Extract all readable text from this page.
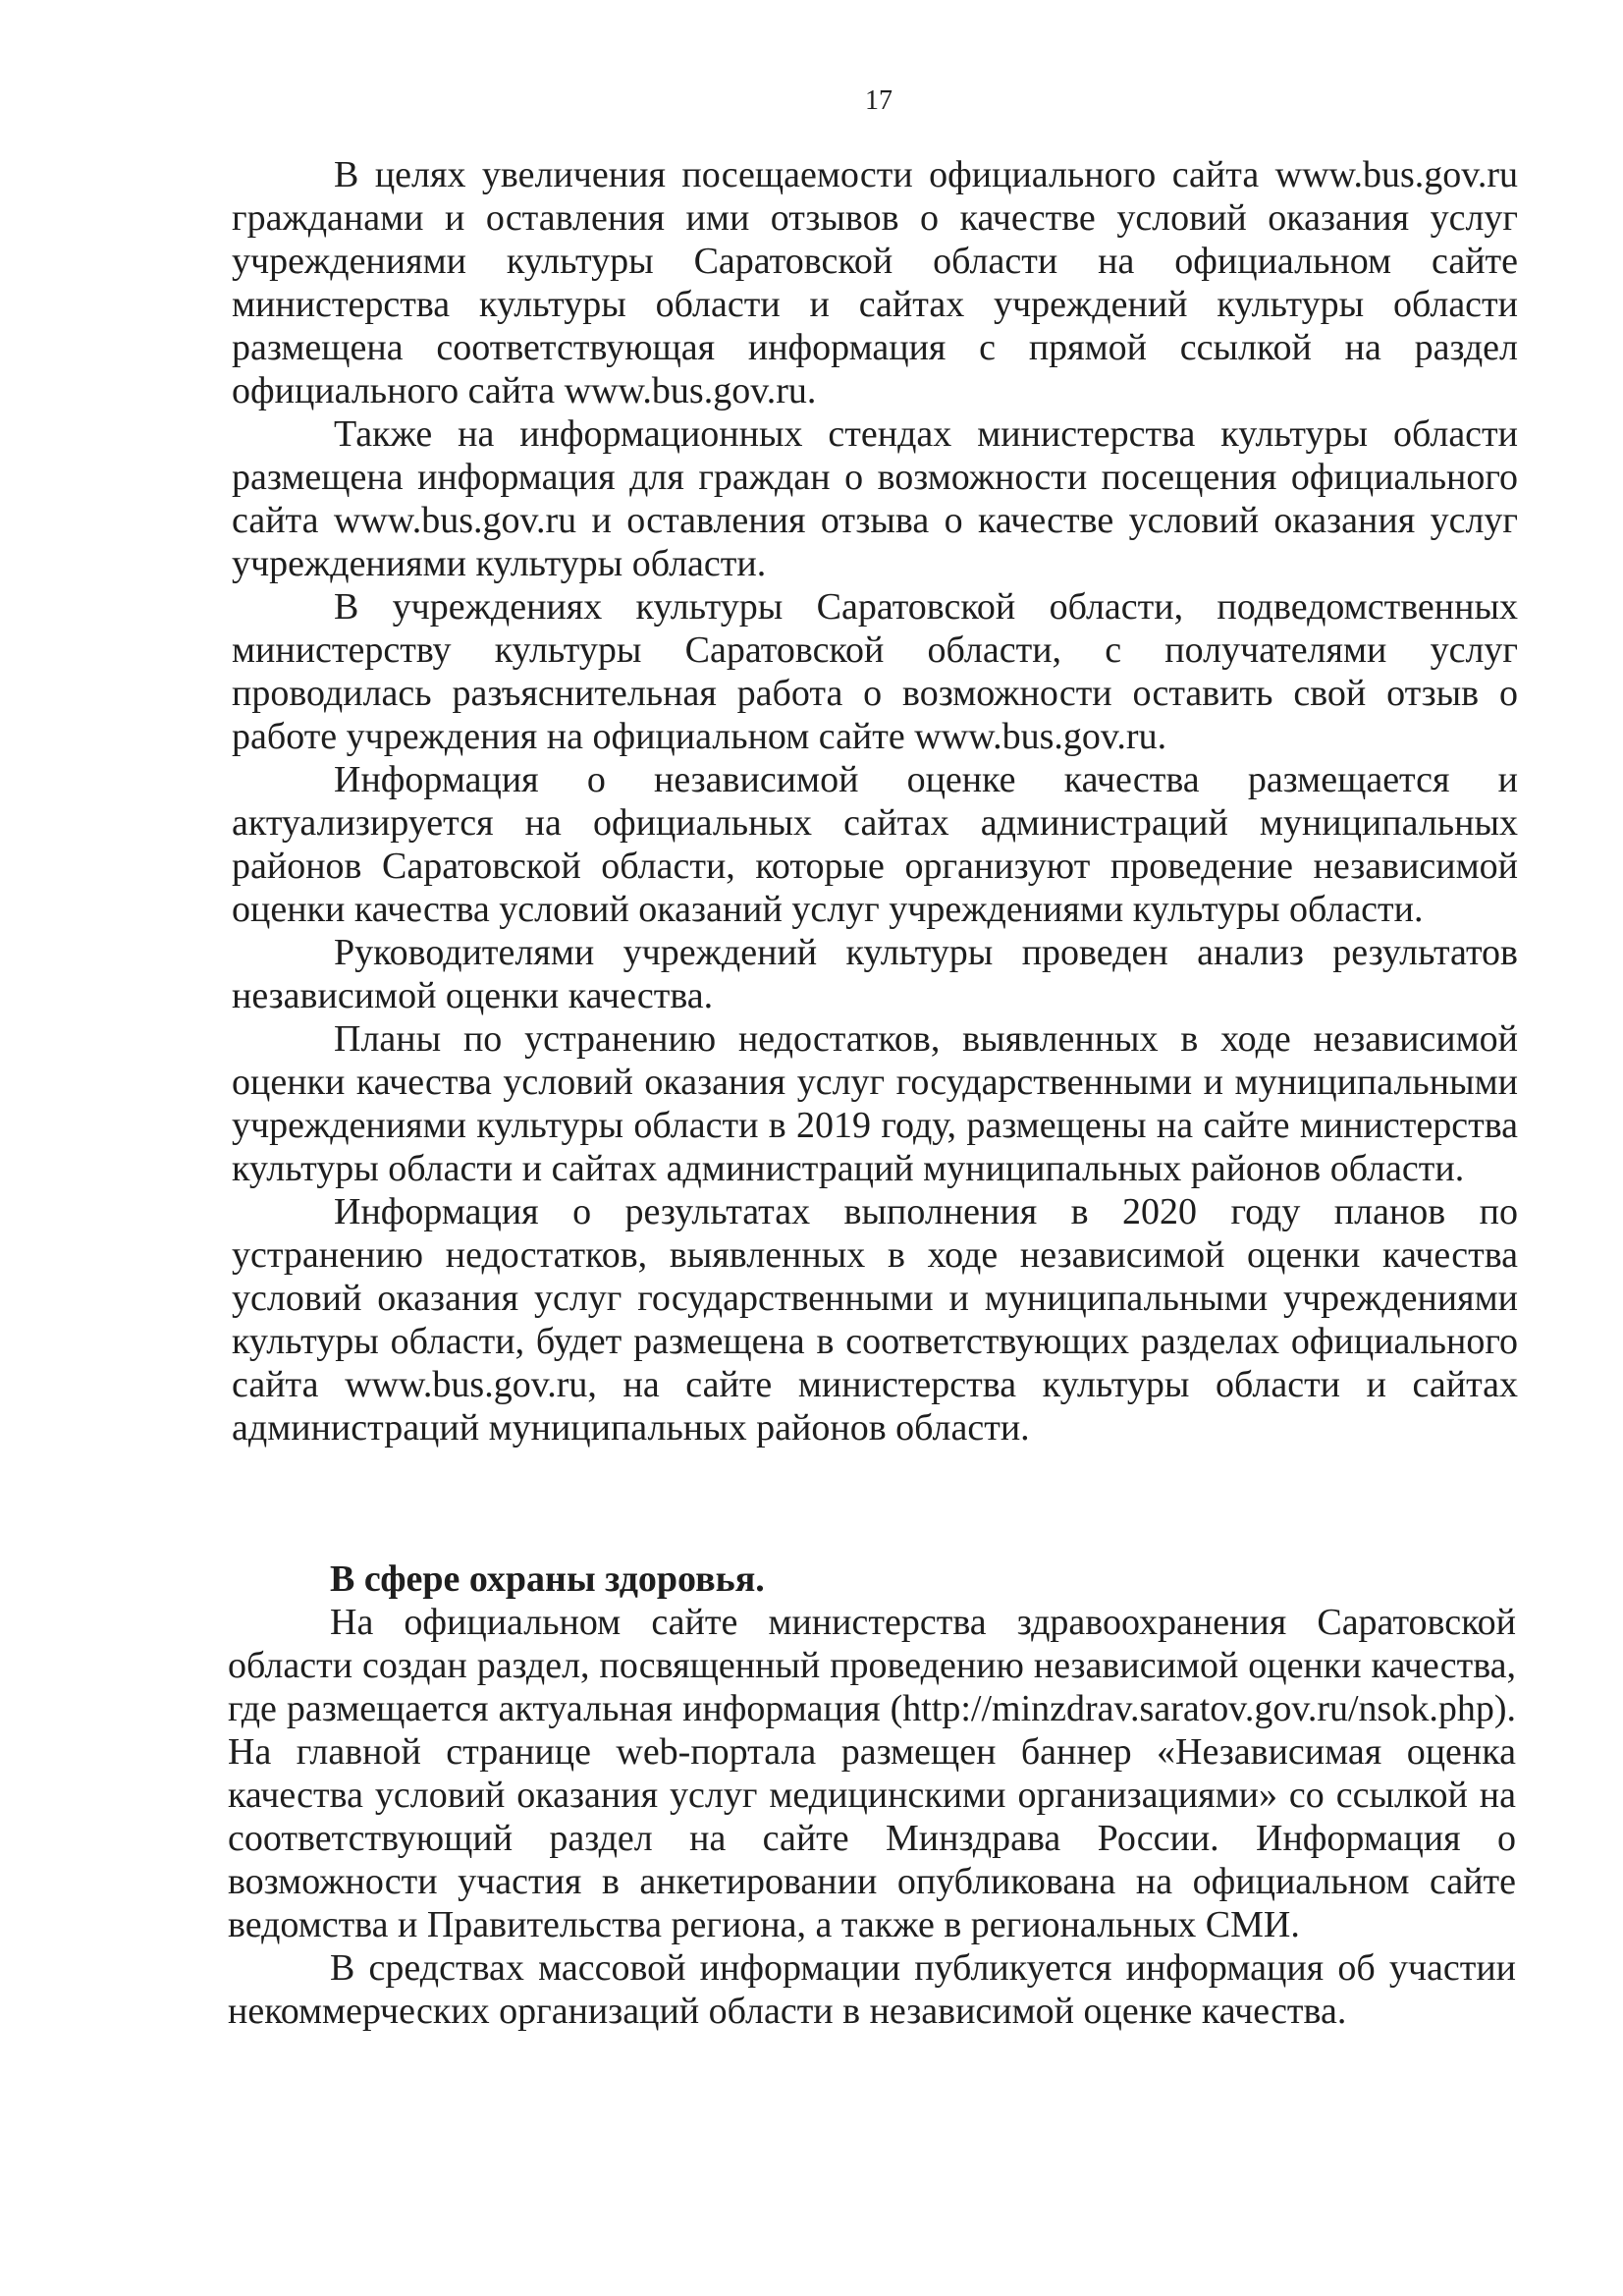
17

В целях увеличения посещаемости официального сайта www.bus.gov.ru гражданами и оставления ими отзывов о качестве условий оказания услуг учреждениями культуры Саратовской области на официальном сайте министерства культуры области и сайтах учреждений культуры области размещена соответствующая информация с прямой ссылкой на раздел официального сайта www.bus.gov.ru.

Также на информационных стендах министерства культуры области размещена информация для граждан о возможности посещения официального сайта www.bus.gov.ru и оставления отзыва о качестве условий оказания услуг учреждениями культуры области.

В учреждениях культуры Саратовской области, подведомственных министерству культуры Саратовской области, с получателями услуг проводилась разъяснительная работа о возможности оставить свой отзыв о работе учреждения на официальном сайте www.bus.gov.ru.

Информация о независимой оценке качества размещается и актуализируется на официальных сайтах администраций муниципальных районов Саратовской области, которые организуют проведение независимой оценки качества условий оказаний услуг учреждениями культуры области.

Руководителями учреждений культуры проведен анализ результатов независимой оценки качества.

Планы по устранению недостатков, выявленных в ходе независимой оценки качества условий оказания услуг государственными и муниципальными учреждениями культуры области в 2019 году, размещены на сайте министерства культуры области и сайтах администраций муниципальных районов области.

Информация о результатах выполнения в 2020 году планов по устранению недостатков, выявленных в ходе независимой оценки качества условий оказания услуг государственными и муниципальными учреждениями культуры области, будет размещена в соответствующих разделах официального сайта www.bus.gov.ru, на сайте министерства культуры области и сайтах администраций муниципальных районов области.

В сфере охраны здоровья.

На официальном сайте министерства здравоохранения Саратовской области создан раздел, посвященный проведению независимой оценки качества, где размещается актуальная информация (http://minzdrav.saratov.gov.ru/nsok.php). На главной странице web-портала размещен баннер «Независимая оценка качества условий оказания услуг медицинскими организациями» со ссылкой на соответствующий раздел на сайте Минздрава России. Информация о возможности участия в анкетировании опубликована на официальном сайте ведомства и Правительства региона, а также в региональных СМИ.

В средствах массовой информации публикуется информация об участии некоммерческих организаций области в независимой оценке качества.
